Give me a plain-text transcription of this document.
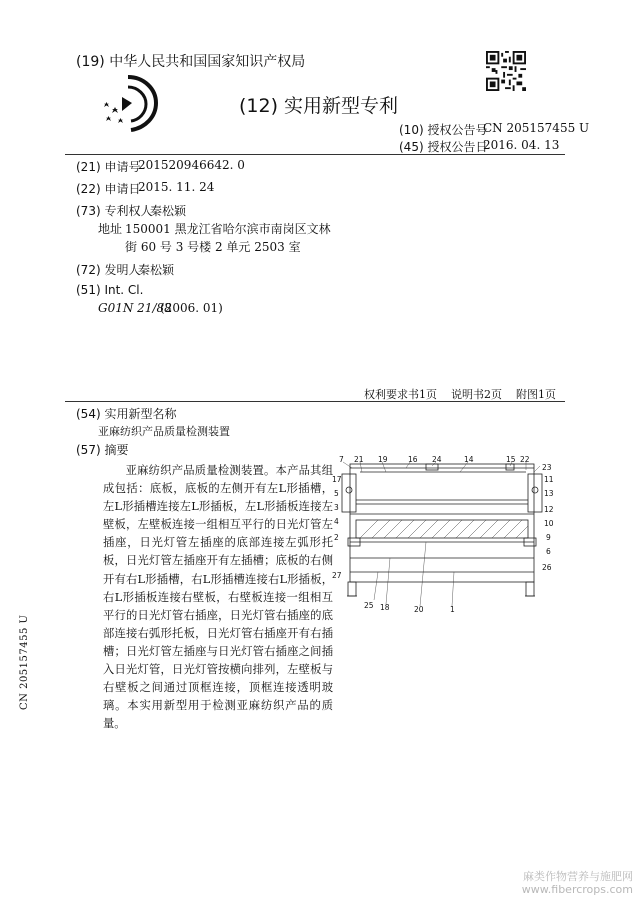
(19) 中华人民共和国国家知识产权局
(12) 实用新型专利
(10) 授权公告号
CN 205157455 U
(45) 授权公告日
2016. 04. 13
(21) 申请号
201520946642. 0
(22) 申请日
2015. 11. 24
(73) 专利权人
秦松颖
地址 150001 黑龙江省哈尔滨市南岗区文林
街 60 号 3 号楼 2 单元 2503 室
(72) 发明人
秦松颖
(51) Int. Cl.
G01N 21/88
(2006. 01)
权利要求书1页    说明书2页    附图1页
(54) 实用新型名称
亚麻纺织产品质量检测装置
(57) 摘要

亚麻纺织产品质量检测装置。本产品其组成包括：底板，底板的左侧开有左L形插槽，左L形插槽连接左L形插板，左L形插板连接左壁板，左壁板连接一组相互平行的日光灯管左插座，日光灯管左插座的底部连接左弧形托板，日光灯管左插座开有左插槽；底板的右侧开有右L形插槽，右L形插槽连接右L形插板，右L形插板连接右壁板，右壁板连接一组相互平行的日光灯管右插座，日光灯管右插座的底部连接右弧形托板，日光灯管右插座开有右插槽；日光灯管左插座与日光灯管右插座之间插入日光灯管，日光灯管按横向排列，左壁板与右壁板之间通过顶框连接，顶框连接透明玻璃。本实用新型用于检测亚麻纺织产品的质量。

7 21 19	16 24	14	15 22
23
17
5
3
4
2
27
11
13
12
10
9
6
26
25 18	20	1
CN 205157455 U
麻类作物营养与施肥网
www.fibercrops.com
